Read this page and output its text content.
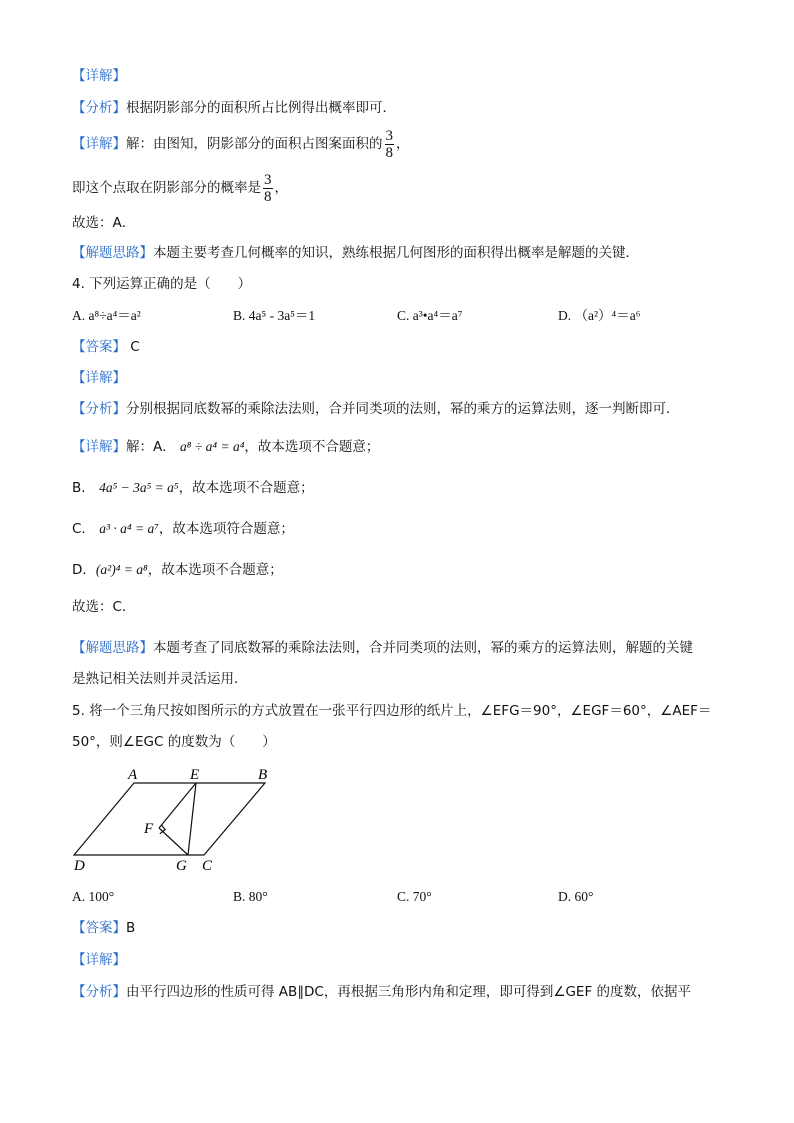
【详解】
【分析】根据阴影部分的面积所占比例得出概率即可．
【详解】解：由图知，阴影部分的面积占图案面积的 $\frac{3}{8}$ ，
即这个点取在阴影部分的概率是 $\frac{3}{8}$ ，
故选：A．
【解题思路】本题主要考查几何概率的知识，熟练根据几何图形的面积得出概率是解题的关键．
4. 下列运算正确的是（　　）
A. a⁸÷a⁴＝a²	B. 4a⁵ - 3a⁵＝1	C. a³•a⁴＝a⁷	D. （a²）⁴＝a⁶
【答案】 C
【详解】
【分析】分别根据同底数幂的乘除法法则，合并同类项的法则，幂的乘方的运算法则，逐一判断即可．
【详解】解：A． a⁸ ÷ a⁴ = a⁴，故本选项不合题意；
B． 4a⁵ − 3a⁵ = a⁵，故本选项不合题意；
C． a³ · a⁴ = a⁷，故本选项符合题意；
D．(a²)⁴ = a⁸，故本选项不合题意；
故选：C．
【解题思路】本题考查了同底数幂的乘除法法则，合并同类项的法则，幂的乘方的运算法则，解题的关键
是熟记相关法则并灵活运用．
5. 将一个三角尺按如图所示的方式放置在一张平行四边形的纸片上，∠EFG＝90°，∠EGF＝60°，∠AEF＝
50°，则∠EGC 的度数为（　　）
A	E	B
F
D	G C
A. 100°	B. 80°	C. 70°	D. 60°
【答案】B
【详解】
【分析】由平行四边形的性质可得 AB∥DC，再根据三角形内角和定理，即可得到∠GEF 的度数，依据平
